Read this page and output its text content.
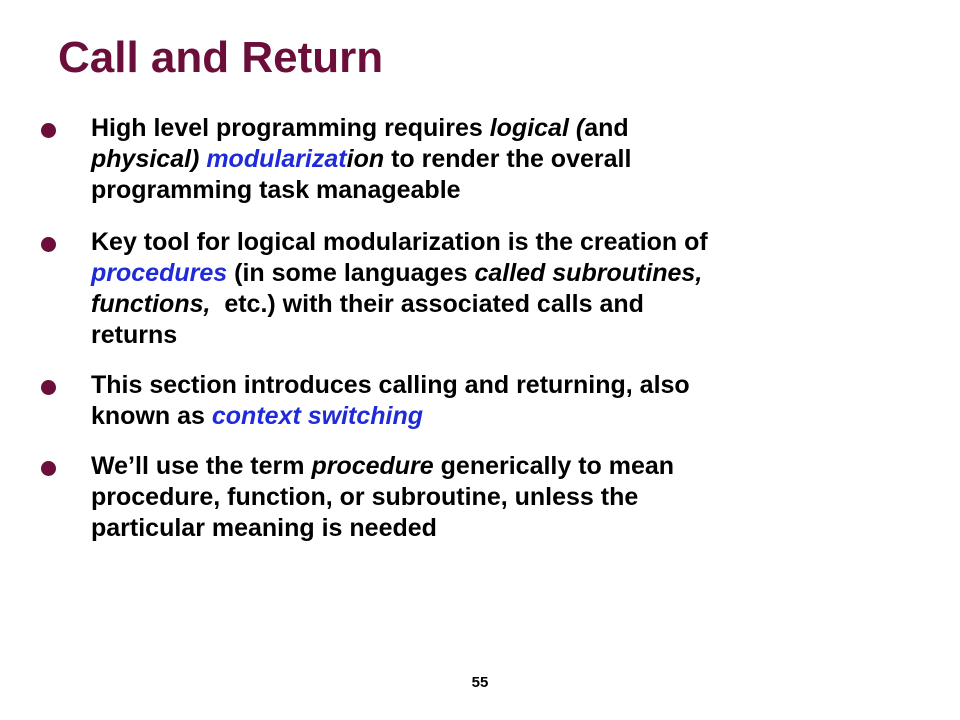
Call and Return
High level programming requires logical (and
physical) modularization to render the overall
programming task manageable
Key tool for logical modularization is the creation of
procedures (in some languages called subroutines,
functions,  etc.) with their associated calls and
returns
This section introduces calling and returning, also
known as context switching
We’ll use the term procedure generically to mean
procedure, function, or subroutine, unless the
particular meaning is needed
55
